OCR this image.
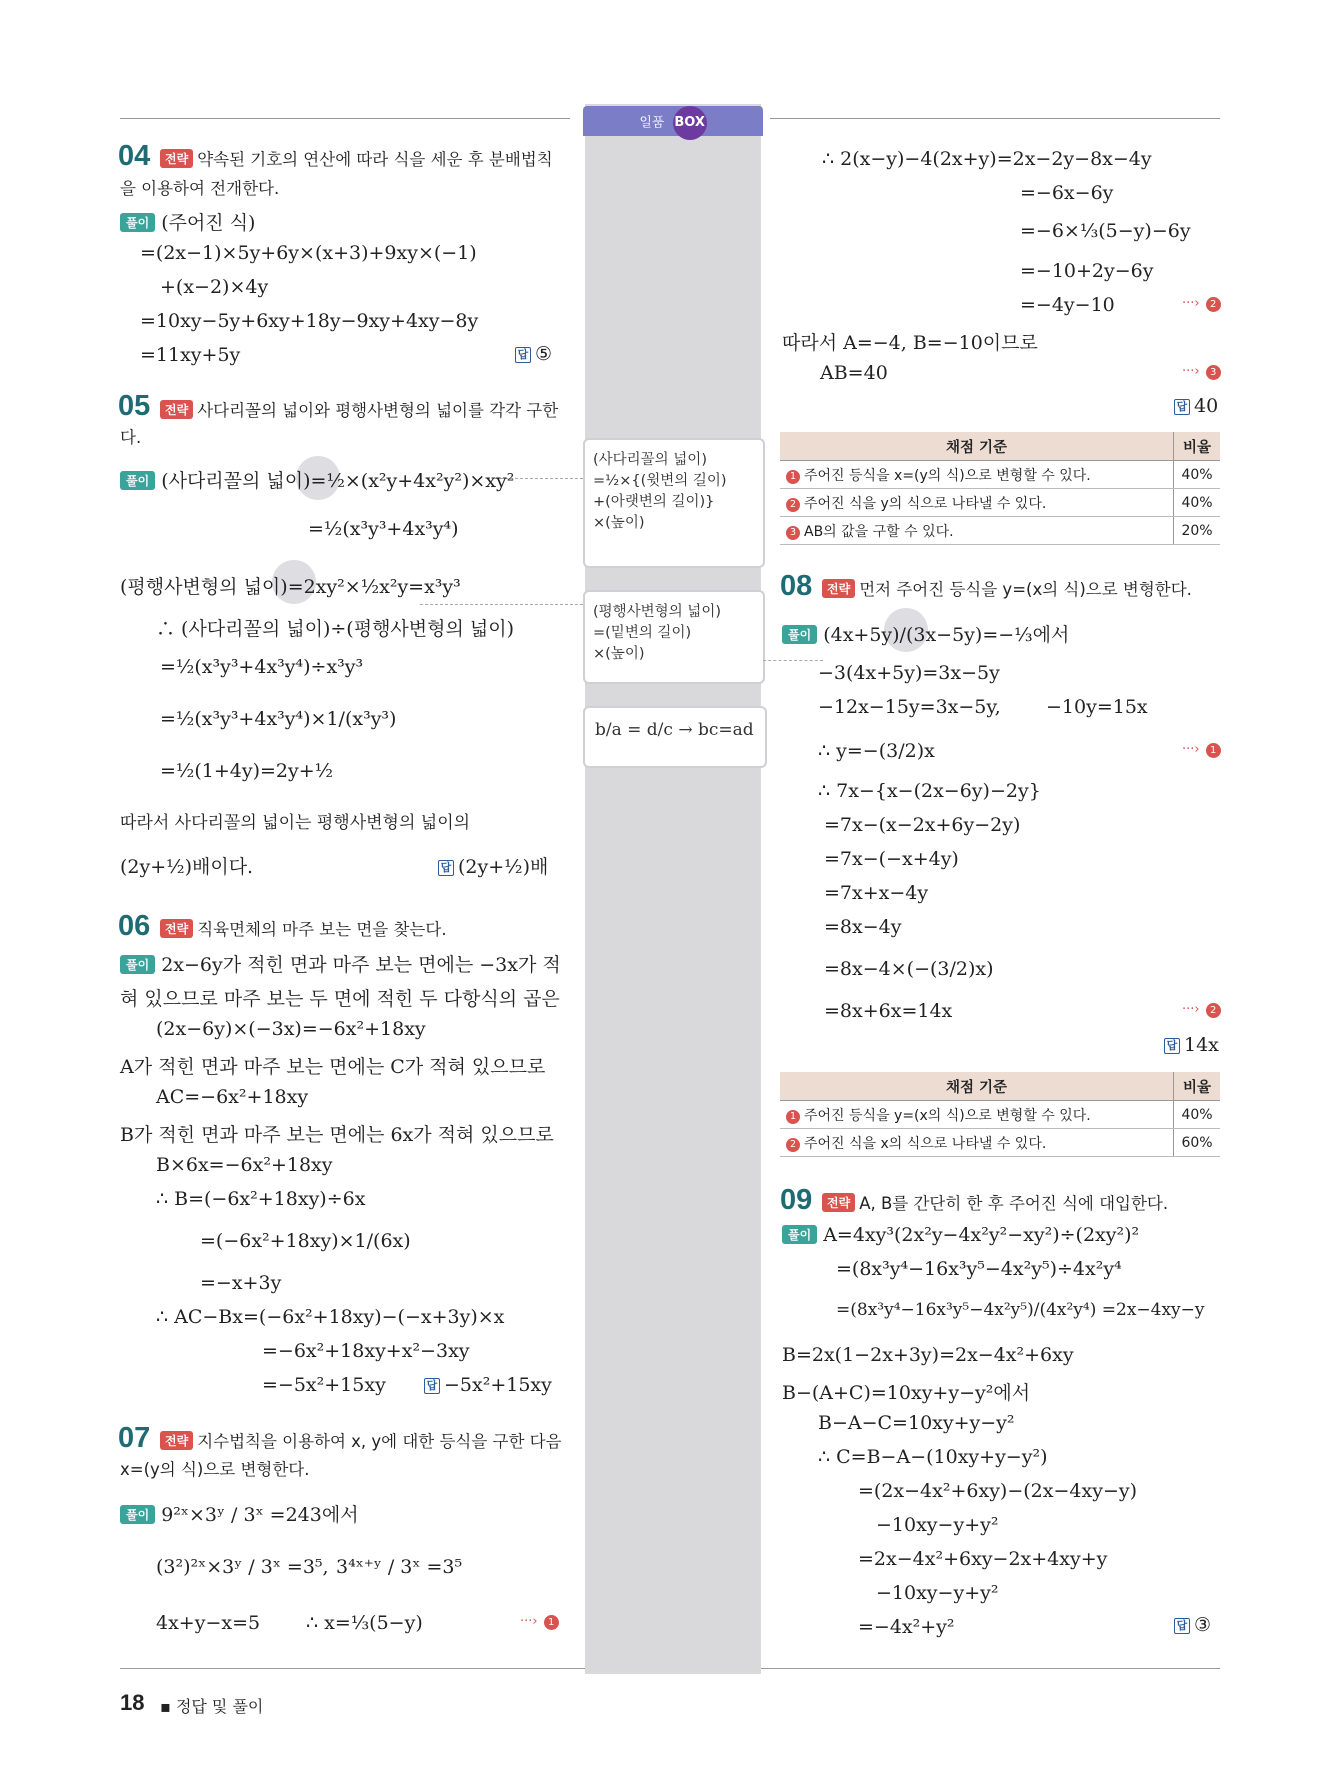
일품 BOX
(사다리꼴의 넓이)
=½×{(윗변의 길이)
+(아랫변의 길이)}
×(높이)
(평행사변형의 넓이)
=(밑변의 길이)
×(높이)
b/a = d/c → bc=ad
04	전략 약속된 기호의 연산에 따라 식을 세운 후 분배법칙
을 이용하여 전개한다.
풀이 (주어진 식)
=(2x−1)×5y+6y×(x+3)+9xy×(−1)
+(x−2)×4y
=10xy−5y+6xy+18y−9xy+4xy−8y
=11xy+5y	답 ⑤
05	전략 사다리꼴의 넓이와 평행사변형의 넓이를 각각 구한
다.
풀이 (사다리꼴의 넓이)=½×(x²y+4x²y²)×xy²
=½(x³y³+4x³y⁴)
(평행사변형의 넓이)=2xy²×½x²y=x³y³
∴ (사다리꼴의 넓이)÷(평행사변형의 넓이)
=½(x³y³+4x³y⁴)÷x³y³
=½(x³y³+4x³y⁴)×1/(x³y³)
=½(1+4y)=2y+½
따라서 사다리꼴의 넓이는 평행사변형의 넓이의
(2y+½)배이다.	답 (2y+½)배
06	전략 직육면체의 마주 보는 면을 찾는다.
풀이 2x−6y가 적힌 면과 마주 보는 면에는 −3x가 적
혀 있으므로 마주 보는 두 면에 적힌 두 다항식의 곱은
(2x−6y)×(−3x)=−6x²+18xy
A가 적힌 면과 마주 보는 면에는 C가 적혀 있으므로
AC=−6x²+18xy
B가 적힌 면과 마주 보는 면에는 6x가 적혀 있으므로
B×6x=−6x²+18xy
∴ B=(−6x²+18xy)÷6x
=(−6x²+18xy)×1/(6x)
=−x+3y
∴ AC−Bx=(−6x²+18xy)−(−x+3y)×x
=−6x²+18xy+x²−3xy
=−5x²+15xy	답 −5x²+15xy
07	전략 지수법칙을 이용하여 x, y에 대한 등식을 구한 다음
x=(y의 식)으로 변형한다.
풀이 9²ˣ×3ʸ / 3ˣ =243에서
(3²)²ˣ×3ʸ / 3ˣ =3⁵, 3⁴ˣ⁺ʸ / 3ˣ =3⁵
4x+y−x=5 ∴ x=⅓(5−y)	···› 1
∴ 2(x−y)−4(2x+y)=2x−2y−8x−4y
=−6x−6y
=−6×⅓(5−y)−6y
=−10+2y−6y
=−4y−10	···› 2
따라서 A=−4, B=−10이므로
AB=40	···› 3
답 40
채점 기준	비율
1 주어진 등식을 x=(y의 식)으로 변형할 수 있다.	40%
2 주어진 식을 y의 식으로 나타낼 수 있다.	40%
3 AB의 값을 구할 수 있다.	20%
08	전략 먼저 주어진 등식을 y=(x의 식)으로 변형한다.
풀이 (4x+5y)/(3x−5y)=−⅓에서
−3(4x+5y)=3x−5y
−12x−15y=3x−5y, −10y=15x
∴ y=−(3/2)x	···› 1
∴ 7x−{x−(2x−6y)−2y}
=7x−(x−2x+6y−2y)
=7x−(−x+4y)
=7x+x−4y
=8x−4y
=8x−4×(−(3/2)x)
=8x+6x=14x	···› 2
답 14x
채점 기준	비율
1 주어진 등식을 y=(x의 식)으로 변형할 수 있다.	40%
2 주어진 식을 x의 식으로 나타낼 수 있다.	60%
09	전략 A, B를 간단히 한 후 주어진 식에 대입한다.
풀이 A=4xy³(2x²y−4x²y²−xy²)÷(2xy²)²
=(8x³y⁴−16x³y⁵−4x²y⁵)÷4x²y⁴
=(8x³y⁴−16x³y⁵−4x²y⁵)/(4x²y⁴) =2x−4xy−y
B=2x(1−2x+3y)=2x−4x²+6xy
B−(A+C)=10xy+y−y²에서
B−A−C=10xy+y−y²
∴ C=B−A−(10xy+y−y²)
=(2x−4x²+6xy)−(2x−4xy−y)
−10xy−y+y²
=2x−4x²+6xy−2x+4xy+y
−10xy−y+y²
=−4x²+y²	답 ③
18 ▪ 정답 및 풀이
